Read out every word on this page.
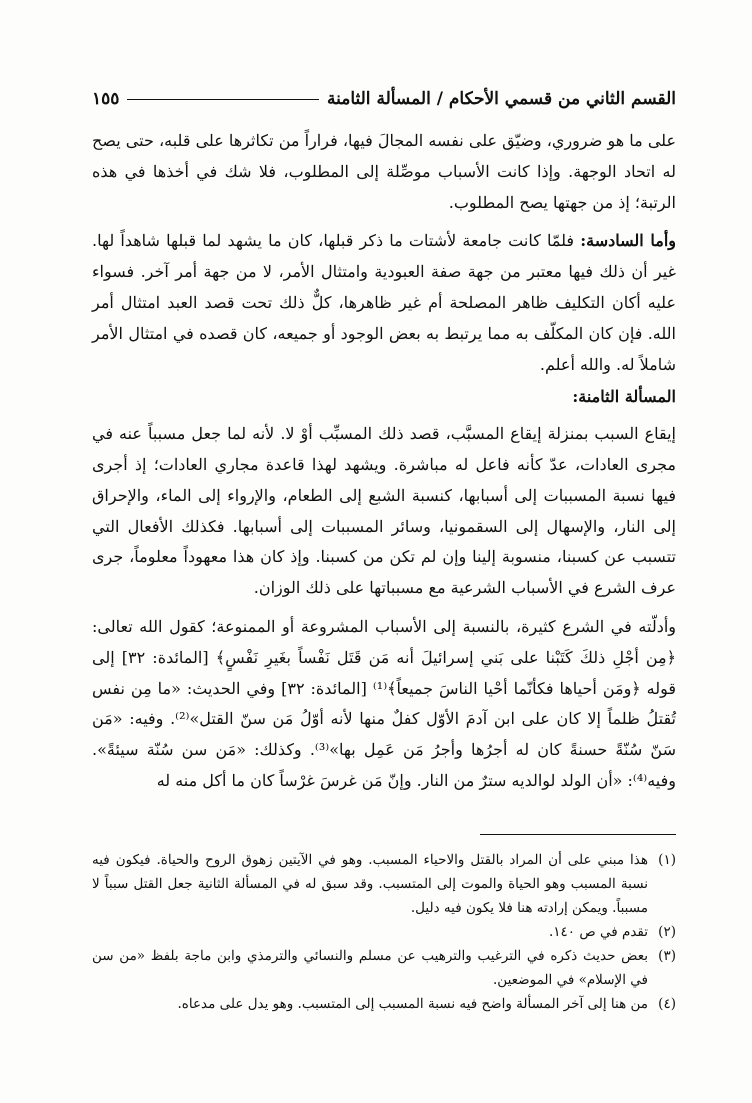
القسم الثاني من قسمي الأحكام / المسألة الثامنة
١٥٥

على ما هو ضروري، وضيّق على نفسه المجالَ فيها، فراراً من تكاثرها على قلبه، حتى يصح له اتحاد الوجهة. وإذا كانت الأسباب موصِّلة إلى المطلوب، فلا شك في أخذها في هذه الرتبة؛ إذ من جهتها يصح المطلوب.

وأما السادسة: فلمّا كانت جامعة لأشتات ما ذكر قبلها، كان ما يشهد لما قبلها شاهداً لها. غير أن ذلك فيها معتبر من جهة صفة العبودية وامتثال الأمر، لا من جهة أمر آخر. فسواء عليه أكان التكليف ظاهر المصلحة أم غير ظاهرها، كلٌّ ذلك تحت قصد العبد امتثال أمر الله. فإن كان المكلّف به مما يرتبط به بعض الوجود أو جميعه، كان قصده في امتثال الأمر شاملاً له. والله أعلم.

المسألة الثامنة:

إيقاع السبب بمنزلة إيقاع المسبَّب، قصد ذلك المسبِّب أوْ لا. لأنه لما جعل مسبباً عنه في مجرى العادات، عدّ كأنه فاعل له مباشرة. ويشهد لهذا قاعدة مجاري العادات؛ إذ أجرى فيها نسبة المسببات إلى أسبابها، كنسبة الشبع إلى الطعام، والإرواء إلى الماء، والإحراق إلى النار، والإسهال إلى السقمونيا، وسائر المسببات إلى أسبابها. فكذلك الأفعال التي تتسبب عن كسبنا، منسوبة إلينا وإن لم تكن من كسبنا. وإذ كان هذا معهوداً معلوماً، جرى عرف الشرع في الأسباب الشرعية مع مسبباتها على ذلك الوزان.

وأدلّته في الشرع كثيرة، بالنسبة إلى الأسباب المشروعة أو الممنوعة؛ كقول الله تعالى: ﴿مِن أجْلِ ذلكَ كَتَبْنا على بَني إسرائيلَ أنه مَن قَتَل نَفْساً بغَيرِ نَفْسٍ﴾ [المائدة: ٣٢] إلى قوله ﴿ومَن أحياها فكأنّما أحْيا الناسَ جميعاً﴾⁽¹⁾ [المائدة: ٣٢] وفي الحديث: «ما مِن نفس تُقتلُ ظلماً إلا كان على ابن آدمَ الأوّل كفلٌ منها لأنه أوّلُ مَن سنّ القتل»⁽²⁾. وفيه: «مَن سَنّ سُنّةً حسنةً كان له أجرُها وأجرُ مَن عَمِل بها»⁽³⁾. وكذلك: «مَن سن سُنّة سيئةً». وفيه⁽⁴⁾: «أن الولد لوالديه سترٌ من النار. وإنّ مَن غرسَ غرْساً كان ما أكل منه له

(١)
هذا مبني على أن المراد بالقتل والاحياء المسبب. وهو في الآيتين زهوق الروح والحياة. فيكون فيه نسبة المسبب وهو الحياة والموت إلى المتسبب. وقد سبق له في المسألة الثانية جعل القتل سبباً لا مسبباً. ويمكن إرادته هنا فلا يكون فيه دليل.
(٢)
تقدم في ص ١٤٠.
(٣)
بعض حديث ذكره في الترغيب والترهيب عن مسلم والنسائي والترمذي وابن ماجة بلفظ «من سن في الإسلام» في الموضعين.
(٤)
من هنا إلى آخر المسألة واضح فيه نسبة المسبب إلى المتسبب. وهو يدل على مدعاه.
